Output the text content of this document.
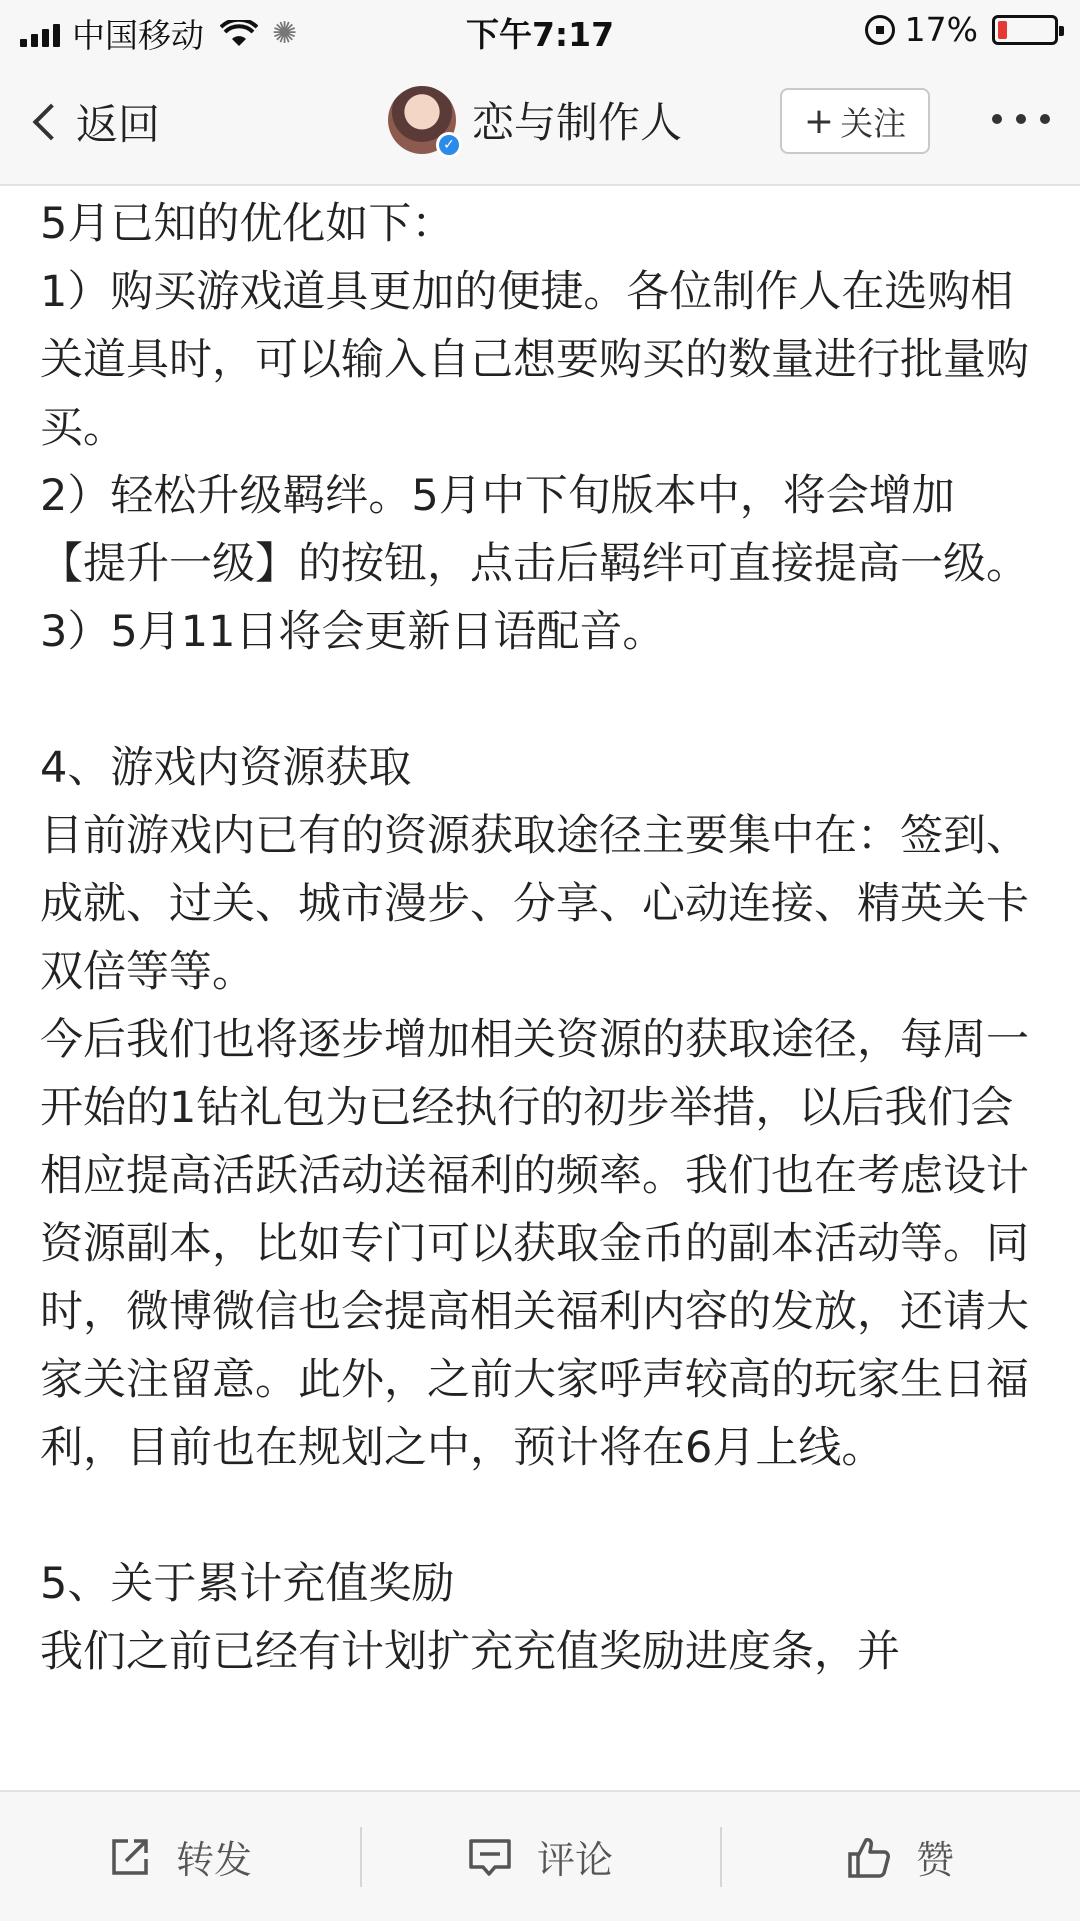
中国移动 ✺	下午7:17	17%
返回	✓ 恋与制作人	+ 关注

5月已知的优化如下：

1）购买游戏道具更加的便捷。各位制作人在选购相关道具时，可以输入自己想要购买的数量进行批量购买。

2）轻松升级羁绊。5月中下旬版本中，将会增加【提升一级】的按钮，点击后羁绊可直接提高一级。

3）5月11日将会更新日语配音。

4、游戏内资源获取

目前游戏内已有的资源获取途径主要集中在：签到、成就、过关、城市漫步、分享、心动连接、精英关卡双倍等等。

今后我们也将逐步增加相关资源的获取途径，每周一开始的1钻礼包为已经执行的初步举措，以后我们会相应提高活跃活动送福利的频率。我们也在考虑设计资源副本，比如专门可以获取金币的副本活动等。同时，微博微信也会提高相关福利内容的发放，还请大家关注留意。此外，之前大家呼声较高的玩家生日福利，目前也在规划之中，预计将在6月上线。

5、关于累计充值奖励

我们之前已经有计划扩充充值奖励进度条，并

转发	评论	赞
